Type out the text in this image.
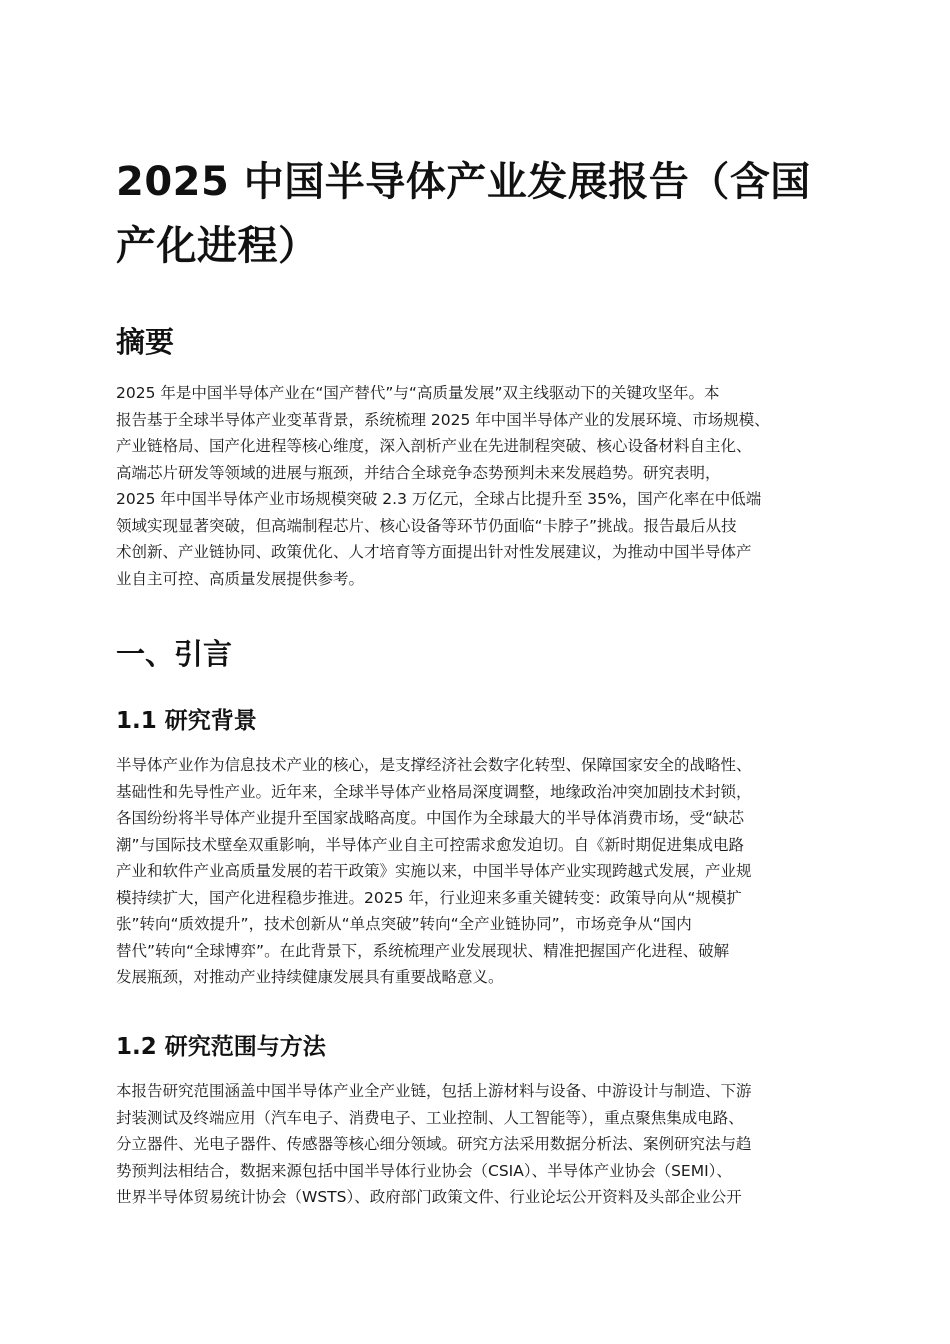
2025 中国半导体产业发展报告（含国产化进程）
摘要
2025 年是中国半导体产业在“国产替代”与“高质量发展”双主线驱动下的关键攻坚年。本
报告基于全球半导体产业变革背景，系统梳理 2025 年中国半导体产业的发展环境、市场规模、
产业链格局、国产化进程等核心维度，深入剖析产业在先进制程突破、核心设备材料自主化、
高端芯片研发等领域的进展与瓶颈，并结合全球竞争态势预判未来发展趋势。研究表明，
2025 年中国半导体产业市场规模突破 2.3 万亿元，全球占比提升至 35%，国产化率在中低端
领域实现显著突破，但高端制程芯片、核心设备等环节仍面临“卡脖子”挑战。报告最后从技
术创新、产业链协同、政策优化、人才培育等方面提出针对性发展建议，为推动中国半导体产
业自主可控、高质量发展提供参考。
一、引言
1.1 研究背景
半导体产业作为信息技术产业的核心，是支撑经济社会数字化转型、保障国家安全的战略性、
基础性和先导性产业。近年来，全球半导体产业格局深度调整，地缘政治冲突加剧技术封锁，
各国纷纷将半导体产业提升至国家战略高度。中国作为全球最大的半导体消费市场，受“缺芯
潮”与国际技术壁垒双重影响，半导体产业自主可控需求愈发迫切。自《新时期促进集成电路
产业和软件产业高质量发展的若干政策》实施以来，中国半导体产业实现跨越式发展，产业规
模持续扩大，国产化进程稳步推进。2025 年，行业迎来多重关键转变：政策导向从“规模扩
张”转向“质效提升”，技术创新从“单点突破”转向“全产业链协同”，市场竞争从“国内
替代”转向“全球博弈”。在此背景下，系统梳理产业发展现状、精准把握国产化进程、破解
发展瓶颈，对推动产业持续健康发展具有重要战略意义。
1.2 研究范围与方法
本报告研究范围涵盖中国半导体产业全产业链，包括上游材料与设备、中游设计与制造、下游
封装测试及终端应用（汽车电子、消费电子、工业控制、人工智能等），重点聚焦集成电路、
分立器件、光电子器件、传感器等核心细分领域。研究方法采用数据分析法、案例研究法与趋
势预判法相结合，数据来源包括中国半导体行业协会（CSIA）、半导体产业协会（SEMI）、
世界半导体贸易统计协会（WSTS）、政府部门政策文件、行业论坛公开资料及头部企业公开
